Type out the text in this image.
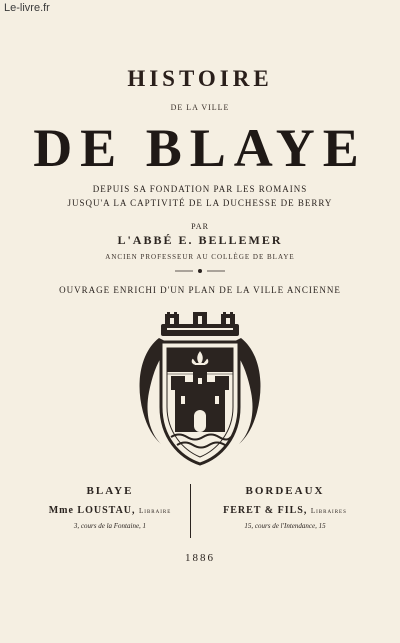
Le-livre.fr
HISTOIRE
DE LA VILLE
DE BLAYE
DEPUIS SA FONDATION PAR LES ROMAINS
JUSQU'A LA CAPTIVITÉ DE LA DUCHESSE DE BERRY
PAR
L'ABBÉ E. BELLEMER
ANCIEN PROFESSEUR AU COLLÈGE DE BLAYE
OUVRAGE ENRICHI D'UN PLAN DE LA VILLE ANCIENNE
BLAYE
Mme LOUSTAU, Libraire
3, cours de la Fontaine, 1
BORDEAUX
FERET & FILS, Libraires
15, cours de l'Intendance, 15
1886
